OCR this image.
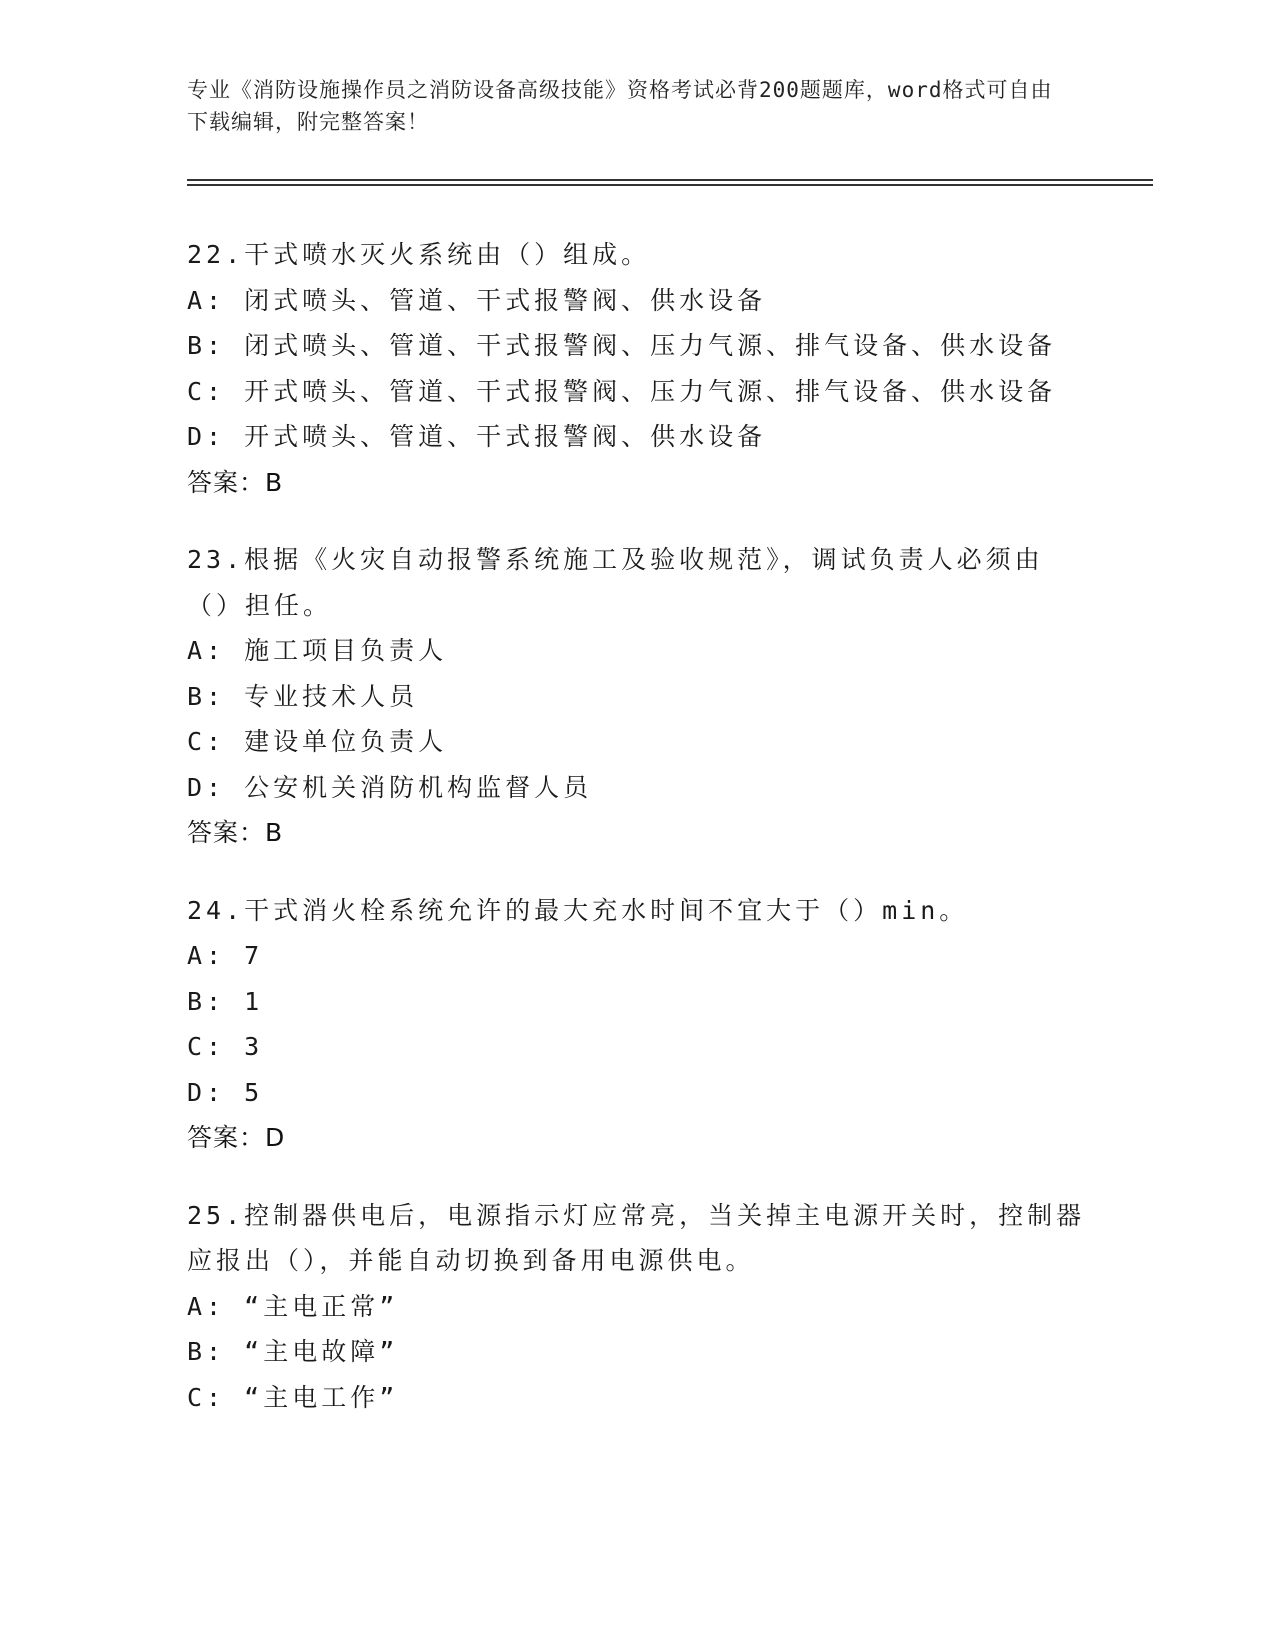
专业《消防设施操作员之消防设备高级技能》资格考试必背200题题库，word格式可自由下载编辑，附完整答案！

22.干式喷水灭火系统由（）组成。

A: 闭式喷头、管道、干式报警阀、供水设备

B: 闭式喷头、管道、干式报警阀、压力气源、排气设备、供水设备

C: 开式喷头、管道、干式报警阀、压力气源、排气设备、供水设备

D: 开式喷头、管道、干式报警阀、供水设备

答案：B

23.根据《火灾自动报警系统施工及验收规范》，调试负责人必须由（）担任。

A: 施工项目负责人

B: 专业技术人员

C: 建设单位负责人

D: 公安机关消防机构监督人员

答案：B

24.干式消火栓系统允许的最大充水时间不宜大于（）min。

A: 7

B: 1

C: 3

D: 5

答案：D

25.控制器供电后，电源指示灯应常亮，当关掉主电源开关时，控制器应报出（），并能自动切换到备用电源供电。

A: “主电正常”

B: “主电故障”

C: “主电工作”
